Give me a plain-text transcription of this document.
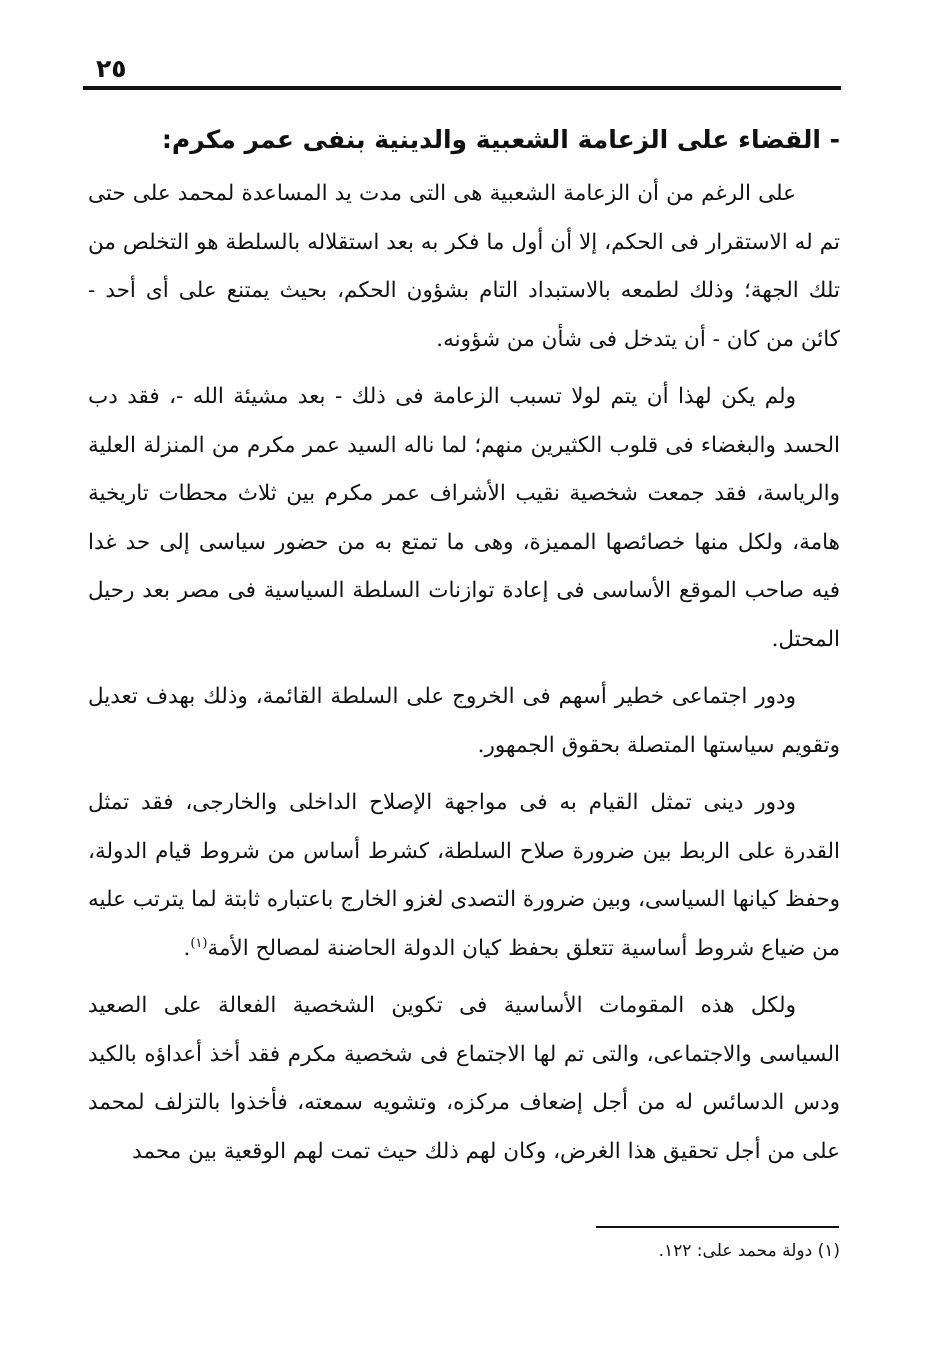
٢٥
- القضاء على الزعامة الشعبية والدينية بنفى عمر مكرم:

على الرغم من أن الزعامة الشعبية هى التى مدت يد المساعدة لمحمد على حتى تم له الاستقرار فى الحكم، إلا أن أول ما فكر به بعد استقلاله بالسلطة هو التخلص من تلك الجهة؛ وذلك لطمعه بالاستبداد التام بشؤون الحكم، بحيث يمتنع على أى أحد - كائن من كان - أن يتدخل فى شأن من شؤونه.

ولم يكن لهذا أن يتم لولا تسبب الزعامة فى ذلك - بعد مشيئة الله -، فقد دب الحسد والبغضاء فى قلوب الكثيرين منهم؛ لما ناله السيد عمر مكرم من المنزلة العلية والرياسة، فقد جمعت شخصية نقيب الأشراف عمر مكرم بين ثلاث محطات تاريخية هامة، ولكل منها خصائصها المميزة، وهى ما تمتع به من حضور سياسى إلى حد غدا فيه صاحب الموقع الأساسى فى إعادة توازنات السلطة السياسية فى مصر بعد رحيل المحتل.

ودور اجتماعى خطير أسهم فى الخروج على السلطة القائمة، وذلك بهدف تعديل وتقويم سياستها المتصلة بحقوق الجمهور.

ودور دينى تمثل القيام به فى مواجهة الإصلاح الداخلى والخارجى، فقد تمثل القدرة على الربط بين ضرورة صلاح السلطة، كشرط أساس من شروط قيام الدولة، وحفظ كيانها السياسى، وبين ضرورة التصدى لغزو الخارج باعتباره ثابتة لما يترتب عليه من ضياع شروط أساسية تتعلق بحفظ كيان الدولة الحاضنة لمصالح الأمة$^{(١)}$.

ولكل هذه المقومات الأساسية فى تكوين الشخصية الفعالة على الصعيد السياسى والاجتماعى، والتى تم لها الاجتماع فى شخصية مكرم فقد أخذ أعداؤه بالكيد ودس الدسائس له من أجل إضعاف مركزه، وتشويه سمعته، فأخذوا بالتزلف لمحمد على من أجل تحقيق هذا الغرض، وكان لهم ذلك حيث تمت لهم الوقعية بين محمد

(١) دولة محمد على: ١٢٢.
